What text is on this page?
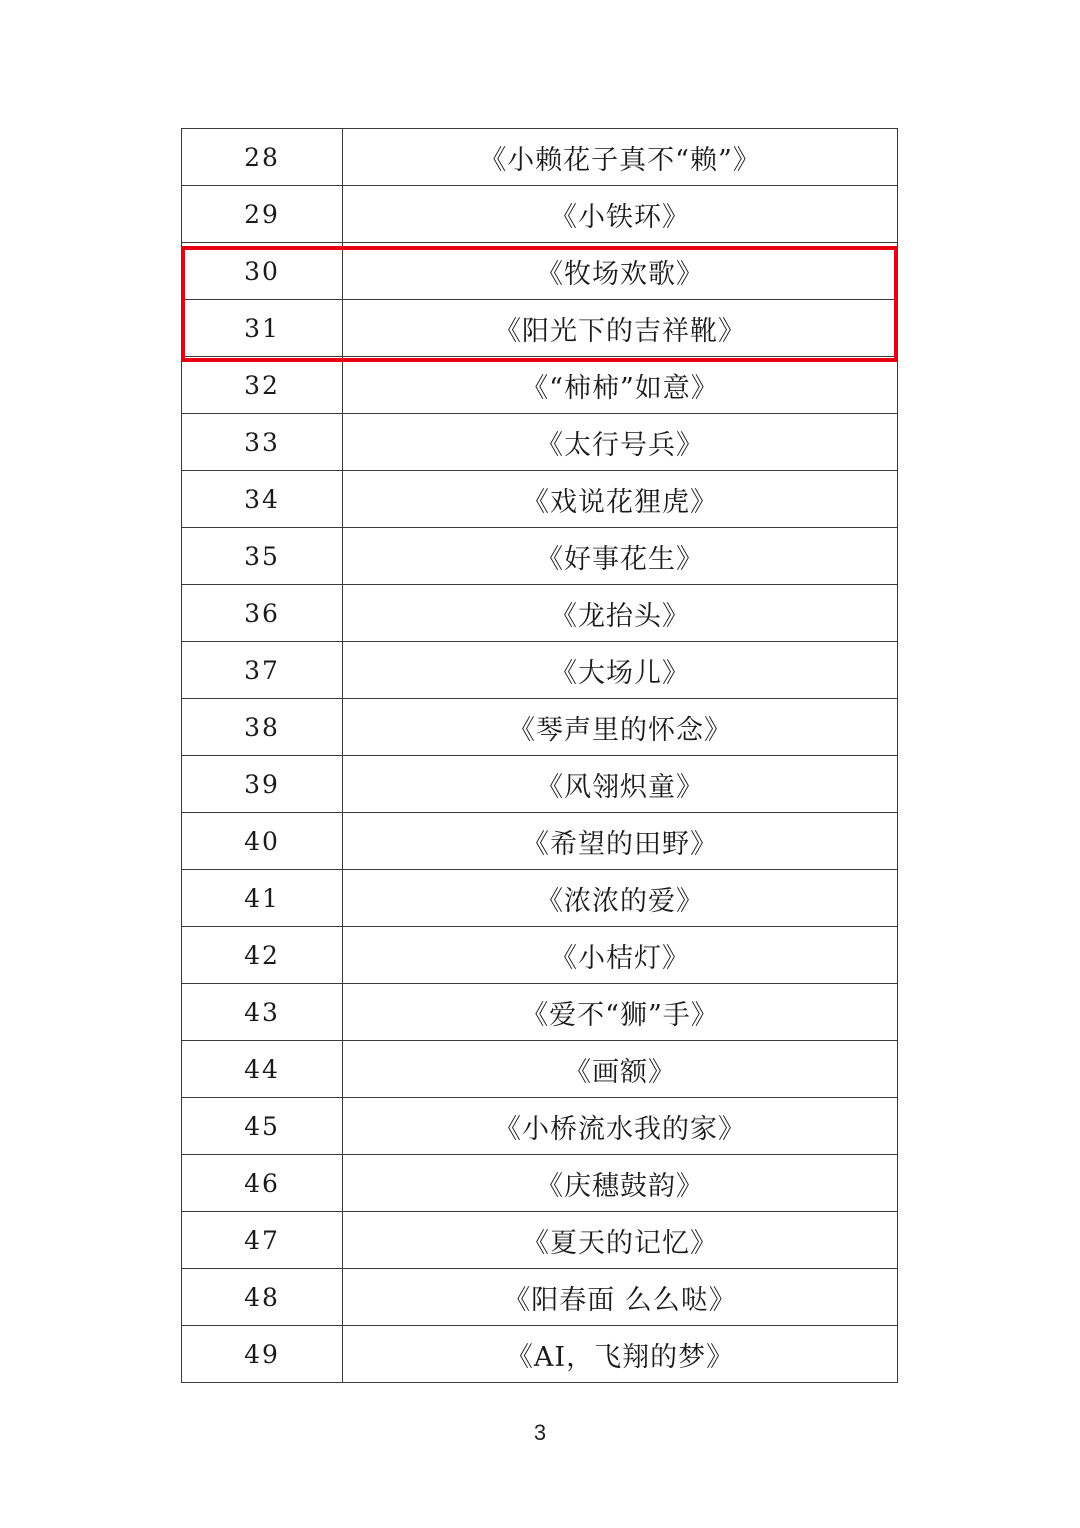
28	《小赖花子真不“赖”》
29	《小铁环》
30	《牧场欢歌》
31	《阳光下的吉祥靴》
32	《“柿柿”如意》
33	《太行号兵》
34	《戏说花狸虎》
35	《好事花生》
36	《龙抬头》
37	《大场儿》
38	《琴声里的怀念》
39	《风翎炽童》
40	《希望的田野》
41	《浓浓的爱》
42	《小桔灯》
43	《爱不“狮”手》
44	《画额》
45	《小桥流水我的家》
46	《庆穗鼓韵》
47	《夏天的记忆》
48	《阳春面 么么哒》
49	《AI，飞翔的梦》
3
